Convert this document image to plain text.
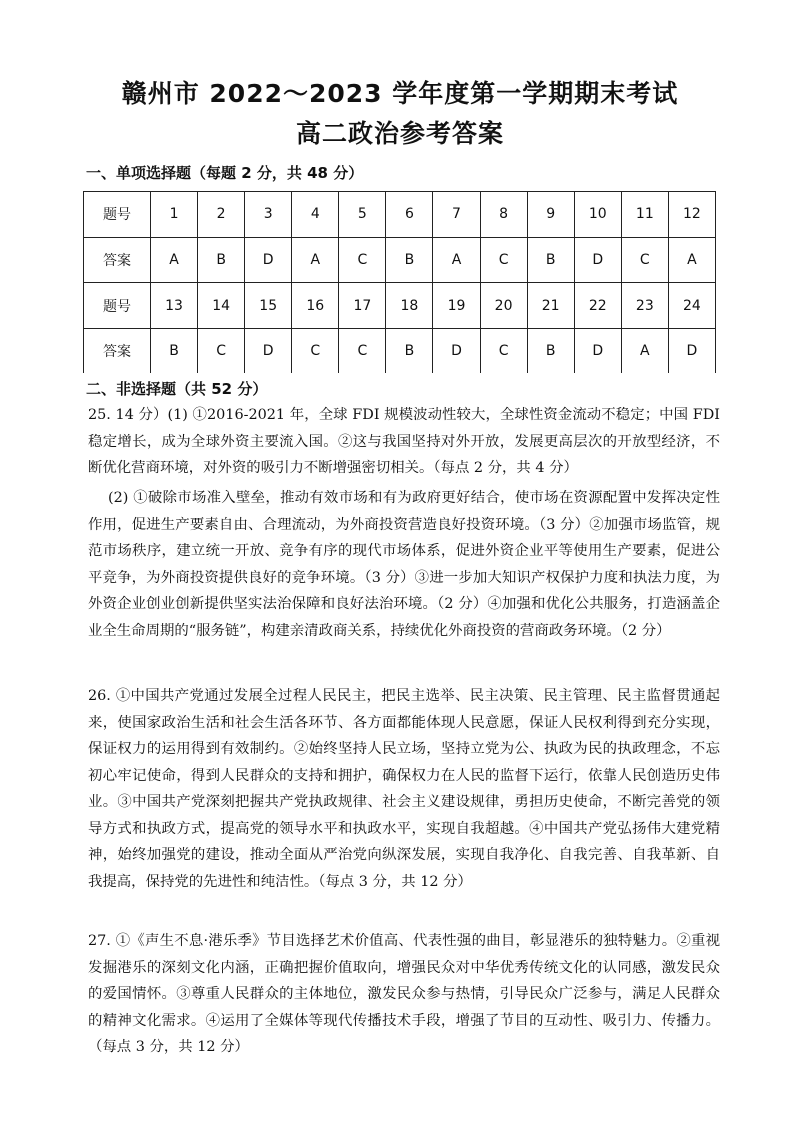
赣州市 2022～2023 学年度第一学期期末考试
高二政治参考答案
一、单项选择题（每题 2 分，共 48 分）
题号	1	2	3	4	5	6	7	8	9	10	11	12
答案	A	B	D	A	C	B	A	C	B	D	C	A
题号	13	14	15	16	17	18	19	20	21	22	23	24
答案	B	C	D	C	C	B	D	C	B	D	A	D
二、非选择题（共 52 分）
25. 14 分）(1) ①2016-2021 年，全球 FDI 规模波动性较大，全球性资金流动不稳定；中国 FDI 稳定增长，成为全球外资主要流入国。②这与我国坚持对外开放，发展更高层次的开放型经济，不断优化营商环境，对外资的吸引力不断增强密切相关。（每点 2 分，共 4 分）
(2) ①破除市场准入壁垒，推动有效市场和有为政府更好结合，使市场在资源配置中发挥决定性作用，促进生产要素自由、合理流动，为外商投资营造良好投资环境。（3 分）②加强市场监管，规范市场秩序，建立统一开放、竞争有序的现代市场体系，促进外资企业平等使用生产要素，促进公平竞争，为外商投资提供良好的竞争环境。（3 分）③进一步加大知识产权保护力度和执法力度，为外资企业创业创新提供坚实法治保障和良好法治环境。（2 分）④加强和优化公共服务，打造涵盖企业全生命周期的“服务链”，构建亲清政商关系，持续优化外商投资的营商政务环境。（2 分）
26. ①中国共产党通过发展全过程人民民主，把民主选举、民主决策、民主管理、民主监督贯通起来，使国家政治生活和社会生活各环节、各方面都能体现人民意愿，保证人民权利得到充分实现，保证权力的运用得到有效制约。②始终坚持人民立场，坚持立党为公、执政为民的执政理念，不忘初心牢记使命，得到人民群众的支持和拥护，确保权力在人民的监督下运行，依靠人民创造历史伟业。③中国共产党深刻把握共产党执政规律、社会主义建设规律，勇担历史使命，不断完善党的领导方式和执政方式，提高党的领导水平和执政水平，实现自我超越。④中国共产党弘扬伟大建党精神，始终加强党的建设，推动全面从严治党向纵深发展，实现自我净化、自我完善、自我革新、自我提高，保持党的先进性和纯洁性。（每点 3 分，共 12 分）
27. ①《声生不息·港乐季》节目选择艺术价值高、代表性强的曲目，彰显港乐的独特魅力。②重视发掘港乐的深刻文化内涵，正确把握价值取向，增强民众对中华优秀传统文化的认同感，激发民众的爱国情怀。③尊重人民群众的主体地位，激发民众参与热情，引导民众广泛参与，满足人民群众的精神文化需求。④运用了全媒体等现代传播技术手段，增强了节目的互动性、吸引力、传播力。（每点 3 分，共 12 分）
